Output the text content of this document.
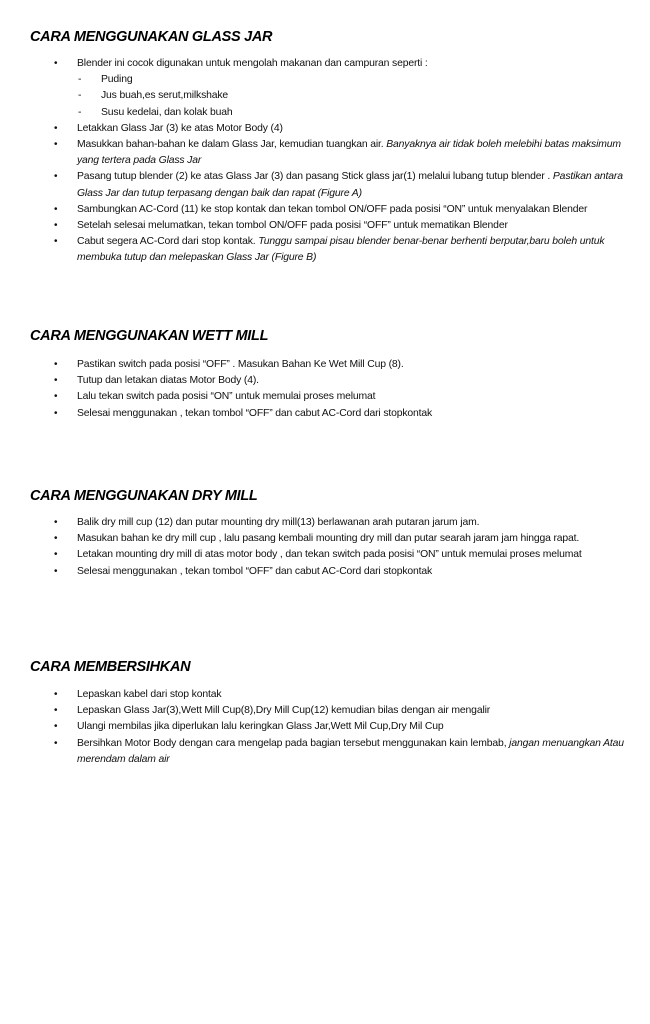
CARA MENGGUNAKAN GLASS JAR
• Blender ini cocok digunakan untuk mengolah makanan dan campuran seperti :
- Puding
- Jus buah,es serut,milkshake
- Susu kedelai, dan kolak buah
• Letakkan Glass Jar (3) ke atas Motor Body (4)
• Masukkan bahan-bahan ke dalam Glass Jar, kemudian tuangkan air. Banyaknya air tidak boleh melebihi batas maksimum yang tertera pada Glass Jar
• Pasang tutup blender (2) ke atas Glass Jar (3) dan pasang Stick glass jar(1) melalui lubang tutup blender . Pastikan antara Glass Jar dan tutup terpasang dengan baik dan rapat (Figure A)
• Sambungkan AC-Cord (11) ke stop kontak dan tekan tombol ON/OFF pada posisi “ON” untuk menyalakan Blender
• Setelah selesai melumatkan, tekan tombol ON/OFF pada posisi “OFF” untuk mematikan Blender
• Cabut segera AC-Cord dari stop kontak. Tunggu sampai pisau blender benar-benar berhenti berputar,baru boleh untuk membuka tutup dan melepaskan Glass Jar (Figure B)
CARA MENGGUNAKAN WETT MILL
• Pastikan switch pada posisi “OFF” . Masukan Bahan Ke Wet Mill Cup (8).
• Tutup dan letakan diatas Motor Body (4).
• Lalu tekan switch pada posisi “ON” untuk memulai proses melumat
• Selesai menggunakan , tekan tombol “OFF” dan cabut AC-Cord dari stopkontak
CARA MENGGUNAKAN DRY MILL
• Balik dry mill cup (12) dan putar mounting dry mill(13) berlawanan arah putaran jarum jam.
• Masukan bahan ke dry mill cup , lalu pasang kembali mounting dry mill dan putar searah jaram jam hingga rapat.
• Letakan mounting dry mill di atas motor body , dan tekan switch pada posisi “ON” untuk memulai proses melumat
• Selesai menggunakan , tekan tombol “OFF” dan cabut AC-Cord dari stopkontak
CARA MEMBERSIHKAN
• Lepaskan kabel dari stop kontak
• Lepaskan Glass Jar(3),Wett Mill Cup(8),Dry Mill Cup(12) kemudian bilas dengan air mengalir
• Ulangi membilas jika diperlukan lalu keringkan Glass Jar,Wett Mil Cup,Dry Mil Cup
• Bersihkan Motor Body dengan cara mengelap pada bagian tersebut menggunakan kain lembab, jangan menuangkan Atau merendam dalam air
